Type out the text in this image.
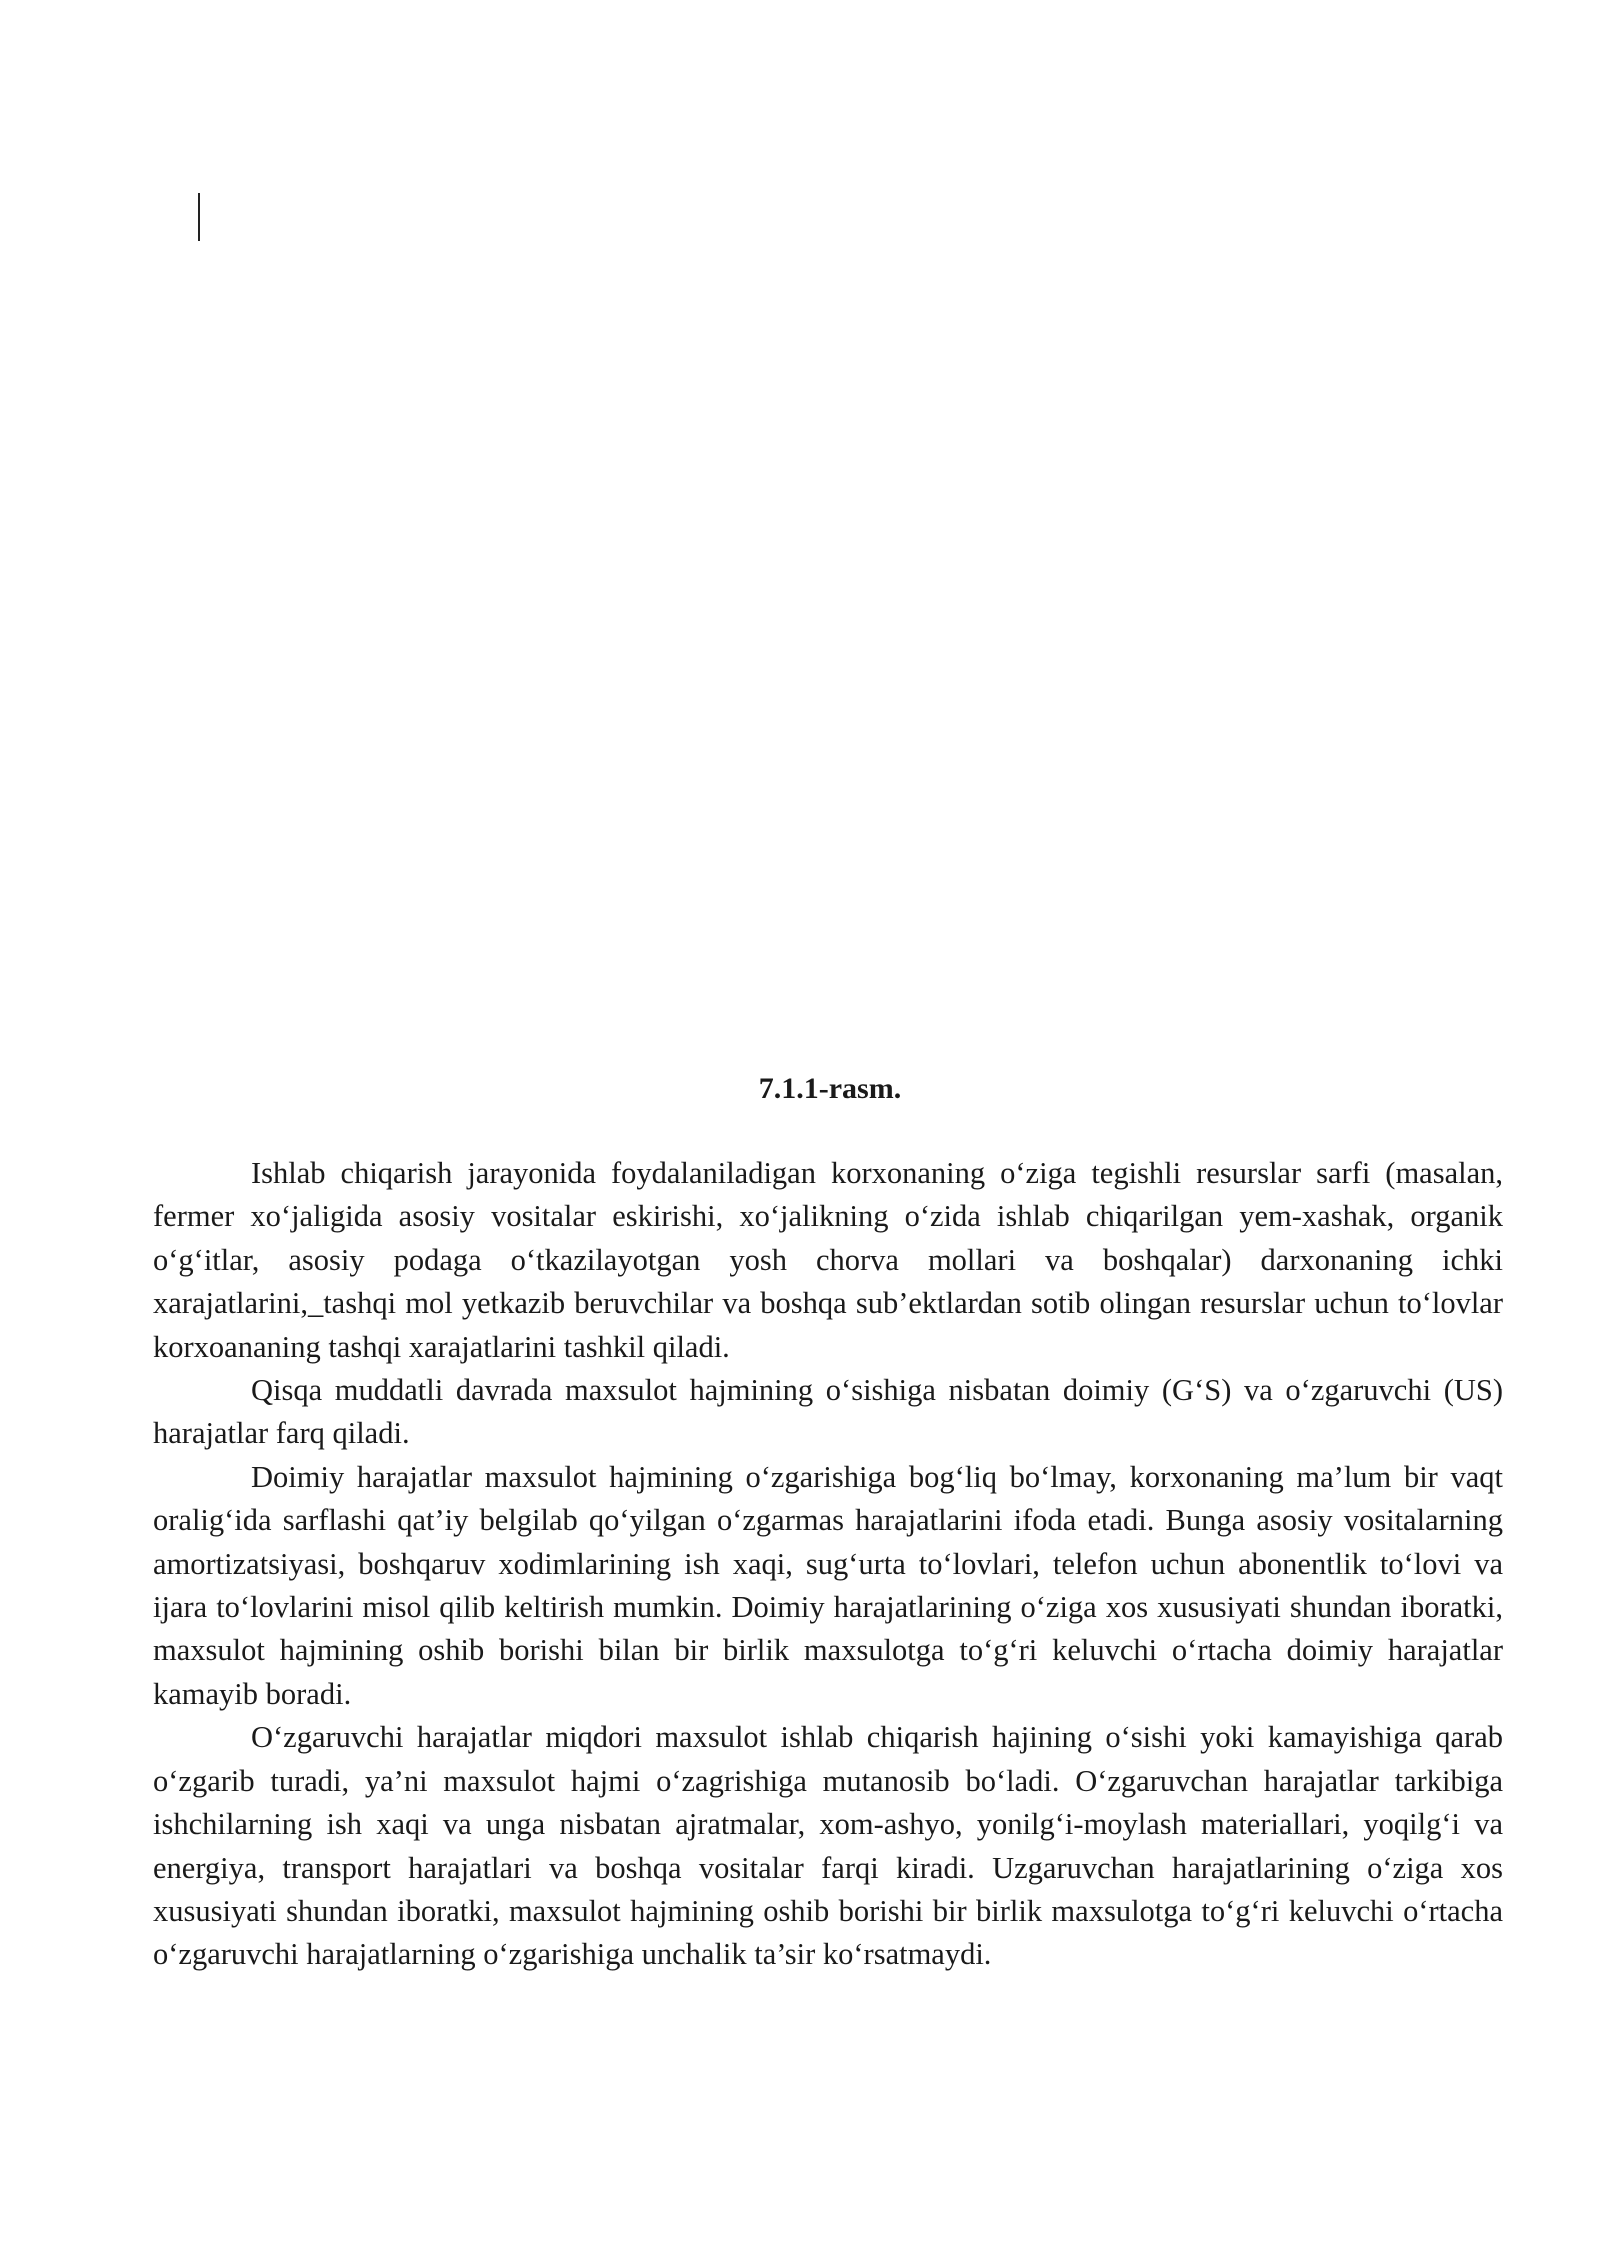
7.1.1-rasm.

Ishlab chiqarish jarayonida foydalaniladigan korxonaning o‘ziga tegishli resurslar sarfi (masalan, fermer xo‘jaligida asosiy vositalar eskirishi, xo‘jalikning o‘zida ishlab chiqarilgan yem-xashak, organik o‘g‘itlar, asosiy podaga o‘tkazilayotgan yosh chorva mollari va boshqalar) darxonaning ichki xarajatlarini,_tashqi mol yetkazib beruvchilar va boshqa sub’ektlardan sotib olingan resurslar uchun to‘lovlar korxoananing tashqi xarajatlarini tashkil qiladi.

Qisqa muddatli davrada maxsulot hajmining o‘sishiga nisbatan doimiy (G‘S) va o‘zgaruvchi (US) harajatlar farq qiladi.

Doimiy harajatlar maxsulot hajmining o‘zgarishiga bog‘liq bo‘lmay, korxonaning ma’lum bir vaqt oralig‘ida sarflashi qat’iy belgilab qo‘yilgan o‘zgarmas harajatlarini ifoda etadi. Bunga asosiy vositalarning amortizatsiyasi, boshqaruv xodimlarining ish xaqi, sug‘urta to‘lovlari, telefon uchun abonentlik to‘lovi va ijara to‘lovlarini misol qilib keltirish mumkin. Doimiy harajatlarining o‘ziga xos xususiyati shundan iboratki, maxsulot hajmining oshib borishi bilan bir birlik maxsulotga to‘g‘ri keluvchi o‘rtacha doimiy harajatlar kamayib boradi.

O‘zgaruvchi harajatlar miqdori maxsulot ishlab chiqarish hajining o‘sishi yoki kamayishiga qarab o‘zgarib turadi, ya’ni maxsulot hajmi o‘zagrishiga mutanosib bo‘ladi. O‘zgaruvchan harajatlar tarkibiga ishchilarning ish xaqi va unga nisbatan ajratmalar, xom-ashyo, yonilg‘i-moylash materiallari, yoqilg‘i va energiya, transport harajatlari va boshqa vositalar farqi kiradi. Uzgaruvchan harajatlarining o‘ziga xos xususiyati shundan iboratki, maxsulot hajmining oshib borishi bir birlik maxsulotga to‘g‘ri keluvchi o‘rtacha o‘zgaruvchi harajatlarning o‘zgarishiga unchalik ta’sir ko‘rsatmaydi.
